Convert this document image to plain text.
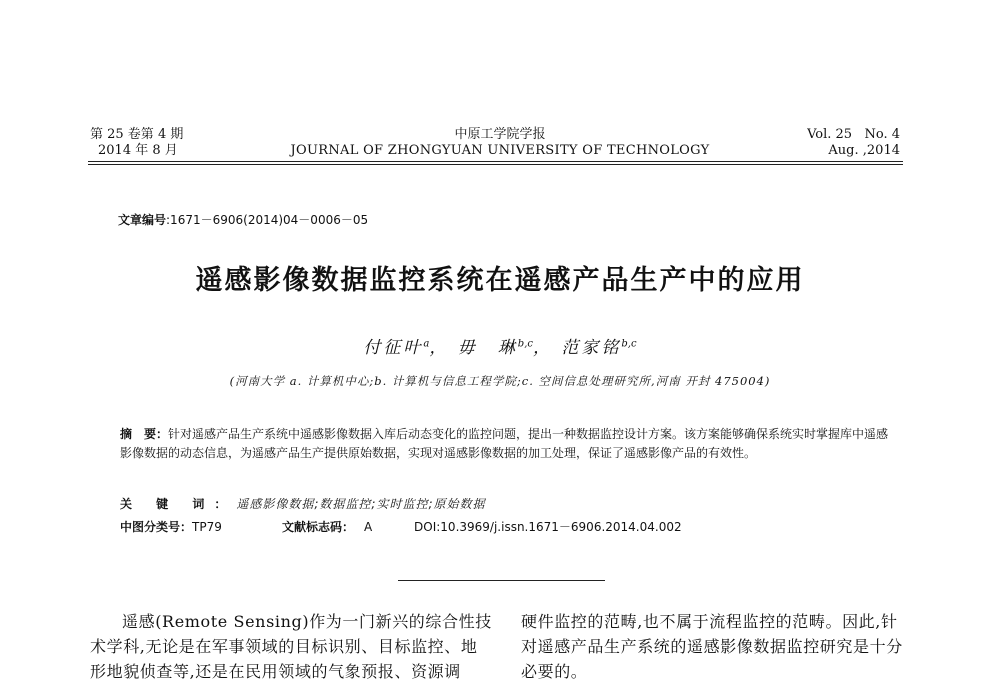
第 25 卷第 4 期
2014 年 8 月
中原工学院学报
JOURNAL OF ZHONGYUAN UNIVERSITY OF TECHNOLOGY
Vol. 25   No. 4
Aug. ,2014
文章编号:1671－6906(2014)04－0006－05
遥感影像数据监控系统在遥感产品生产中的应用
付征叶$^a$， 毋　琳$^{b,c}$， 范家铭$^{b,c}$
(河南大学 a. 计算机中心;b. 计算机与信息工程学院;c. 空间信息处理研究所,河南 开封 475004)
摘　要：针对遥感产品生产系统中遥感影像数据入库后动态变化的监控问题，提出一种数据监控设计方案。该方案能够确保系统实时掌握库中遥感影像数据的动态信息，为遥感产品生产提供原始数据，实现对遥感影像数据的加工处理，保证了遥感影像产品的有效性。
关 键 词：遥感影像数据;数据监控;实时监控;原始数据
中图分类号：TP79	文献标志码： A	DOI:10.3969/j.issn.1671－6906.2014.04.002
遥感(Remote Sensing)作为一门新兴的综合性技
术学科,无论是在军事领域的目标识别、目标监控、地
形地貌侦查等,还是在民用领域的气象预报、资源调
硬件监控的范畴,也不属于流程监控的范畴。因此,针
对遥感产品生产系统的遥感影像数据监控研究是十分
必要的。
